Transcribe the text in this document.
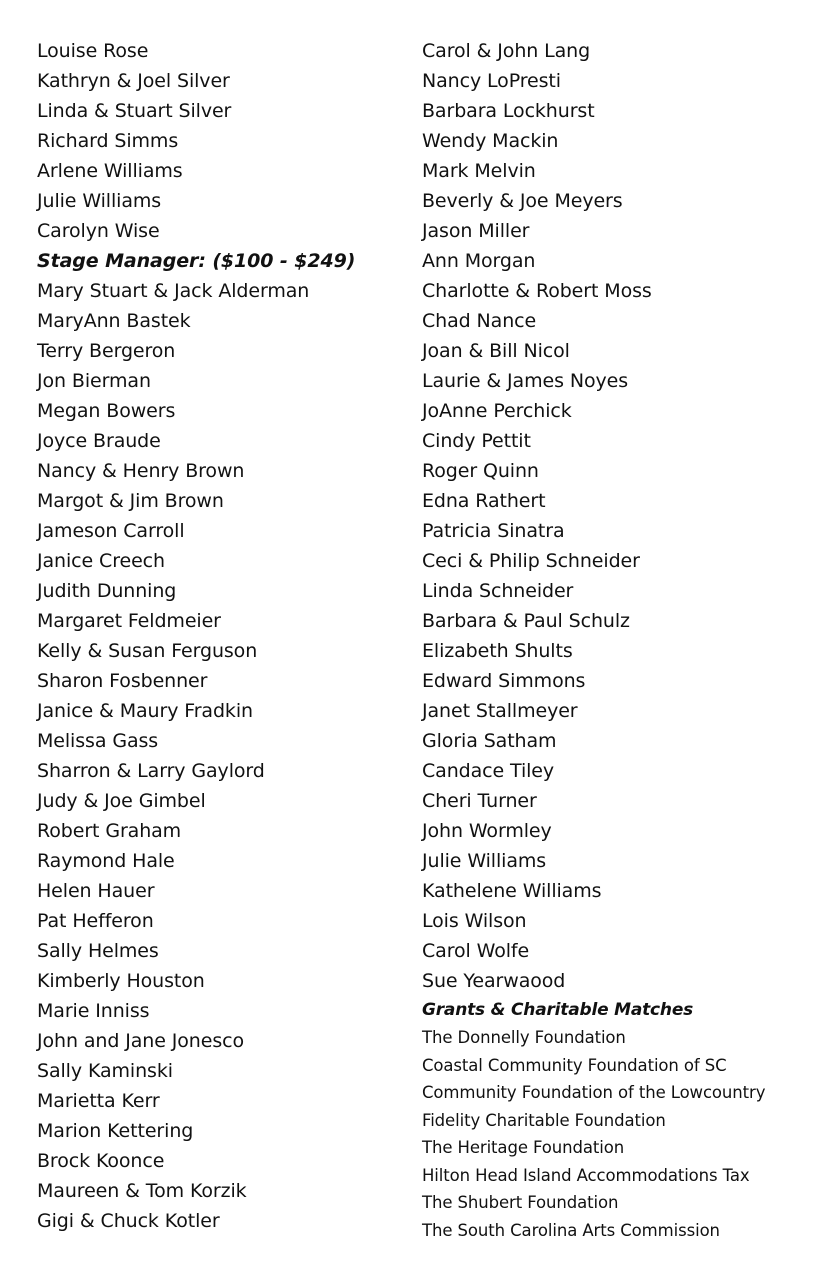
Louise Rose
Kathryn & Joel Silver
Linda & Stuart Silver
Richard Simms
Arlene Williams
Julie Williams
Carolyn Wise
Stage Manager: ($100 - $249)
Mary Stuart & Jack Alderman
MaryAnn Bastek
Terry Bergeron
Jon Bierman
Megan Bowers
Joyce Braude
Nancy & Henry Brown
Margot & Jim Brown
Jameson Carroll
Janice Creech
Judith Dunning
Margaret Feldmeier
Kelly & Susan Ferguson
Sharon Fosbenner
Janice & Maury Fradkin
Melissa Gass
Sharron & Larry Gaylord
Judy & Joe Gimbel
Robert Graham
Raymond Hale
Helen Hauer
Pat Hefferon
Sally Helmes
Kimberly Houston
Marie Inniss
John and Jane Jonesco
Sally Kaminski
Marietta Kerr
Marion Kettering
Brock Koonce
Maureen & Tom Korzik
Gigi & Chuck Kotler
Carol & John Lang
Nancy LoPresti
Barbara Lockhurst
Wendy Mackin
Mark Melvin
Beverly & Joe Meyers
Jason Miller
Ann Morgan
Charlotte & Robert Moss
Chad Nance
Joan & Bill Nicol
Laurie & James Noyes
JoAnne Perchick
Cindy Pettit
Roger Quinn
Edna Rathert
Patricia Sinatra
Ceci & Philip Schneider
Linda Schneider
Barbara & Paul Schulz
Elizabeth Shults
Edward Simmons
Janet Stallmeyer
Gloria Satham
Candace Tiley
Cheri Turner
John Wormley
Julie Williams
Kathelene Williams
Lois Wilson
Carol Wolfe
Sue Yearwaood
Grants & Charitable Matches
The Donnelly Foundation
Coastal Community Foundation of SC
Community Foundation of the Lowcountry
Fidelity Charitable Foundation
The Heritage Foundation
Hilton Head Island Accommodations Tax
The Shubert Foundation
The South Carolina Arts Commission
